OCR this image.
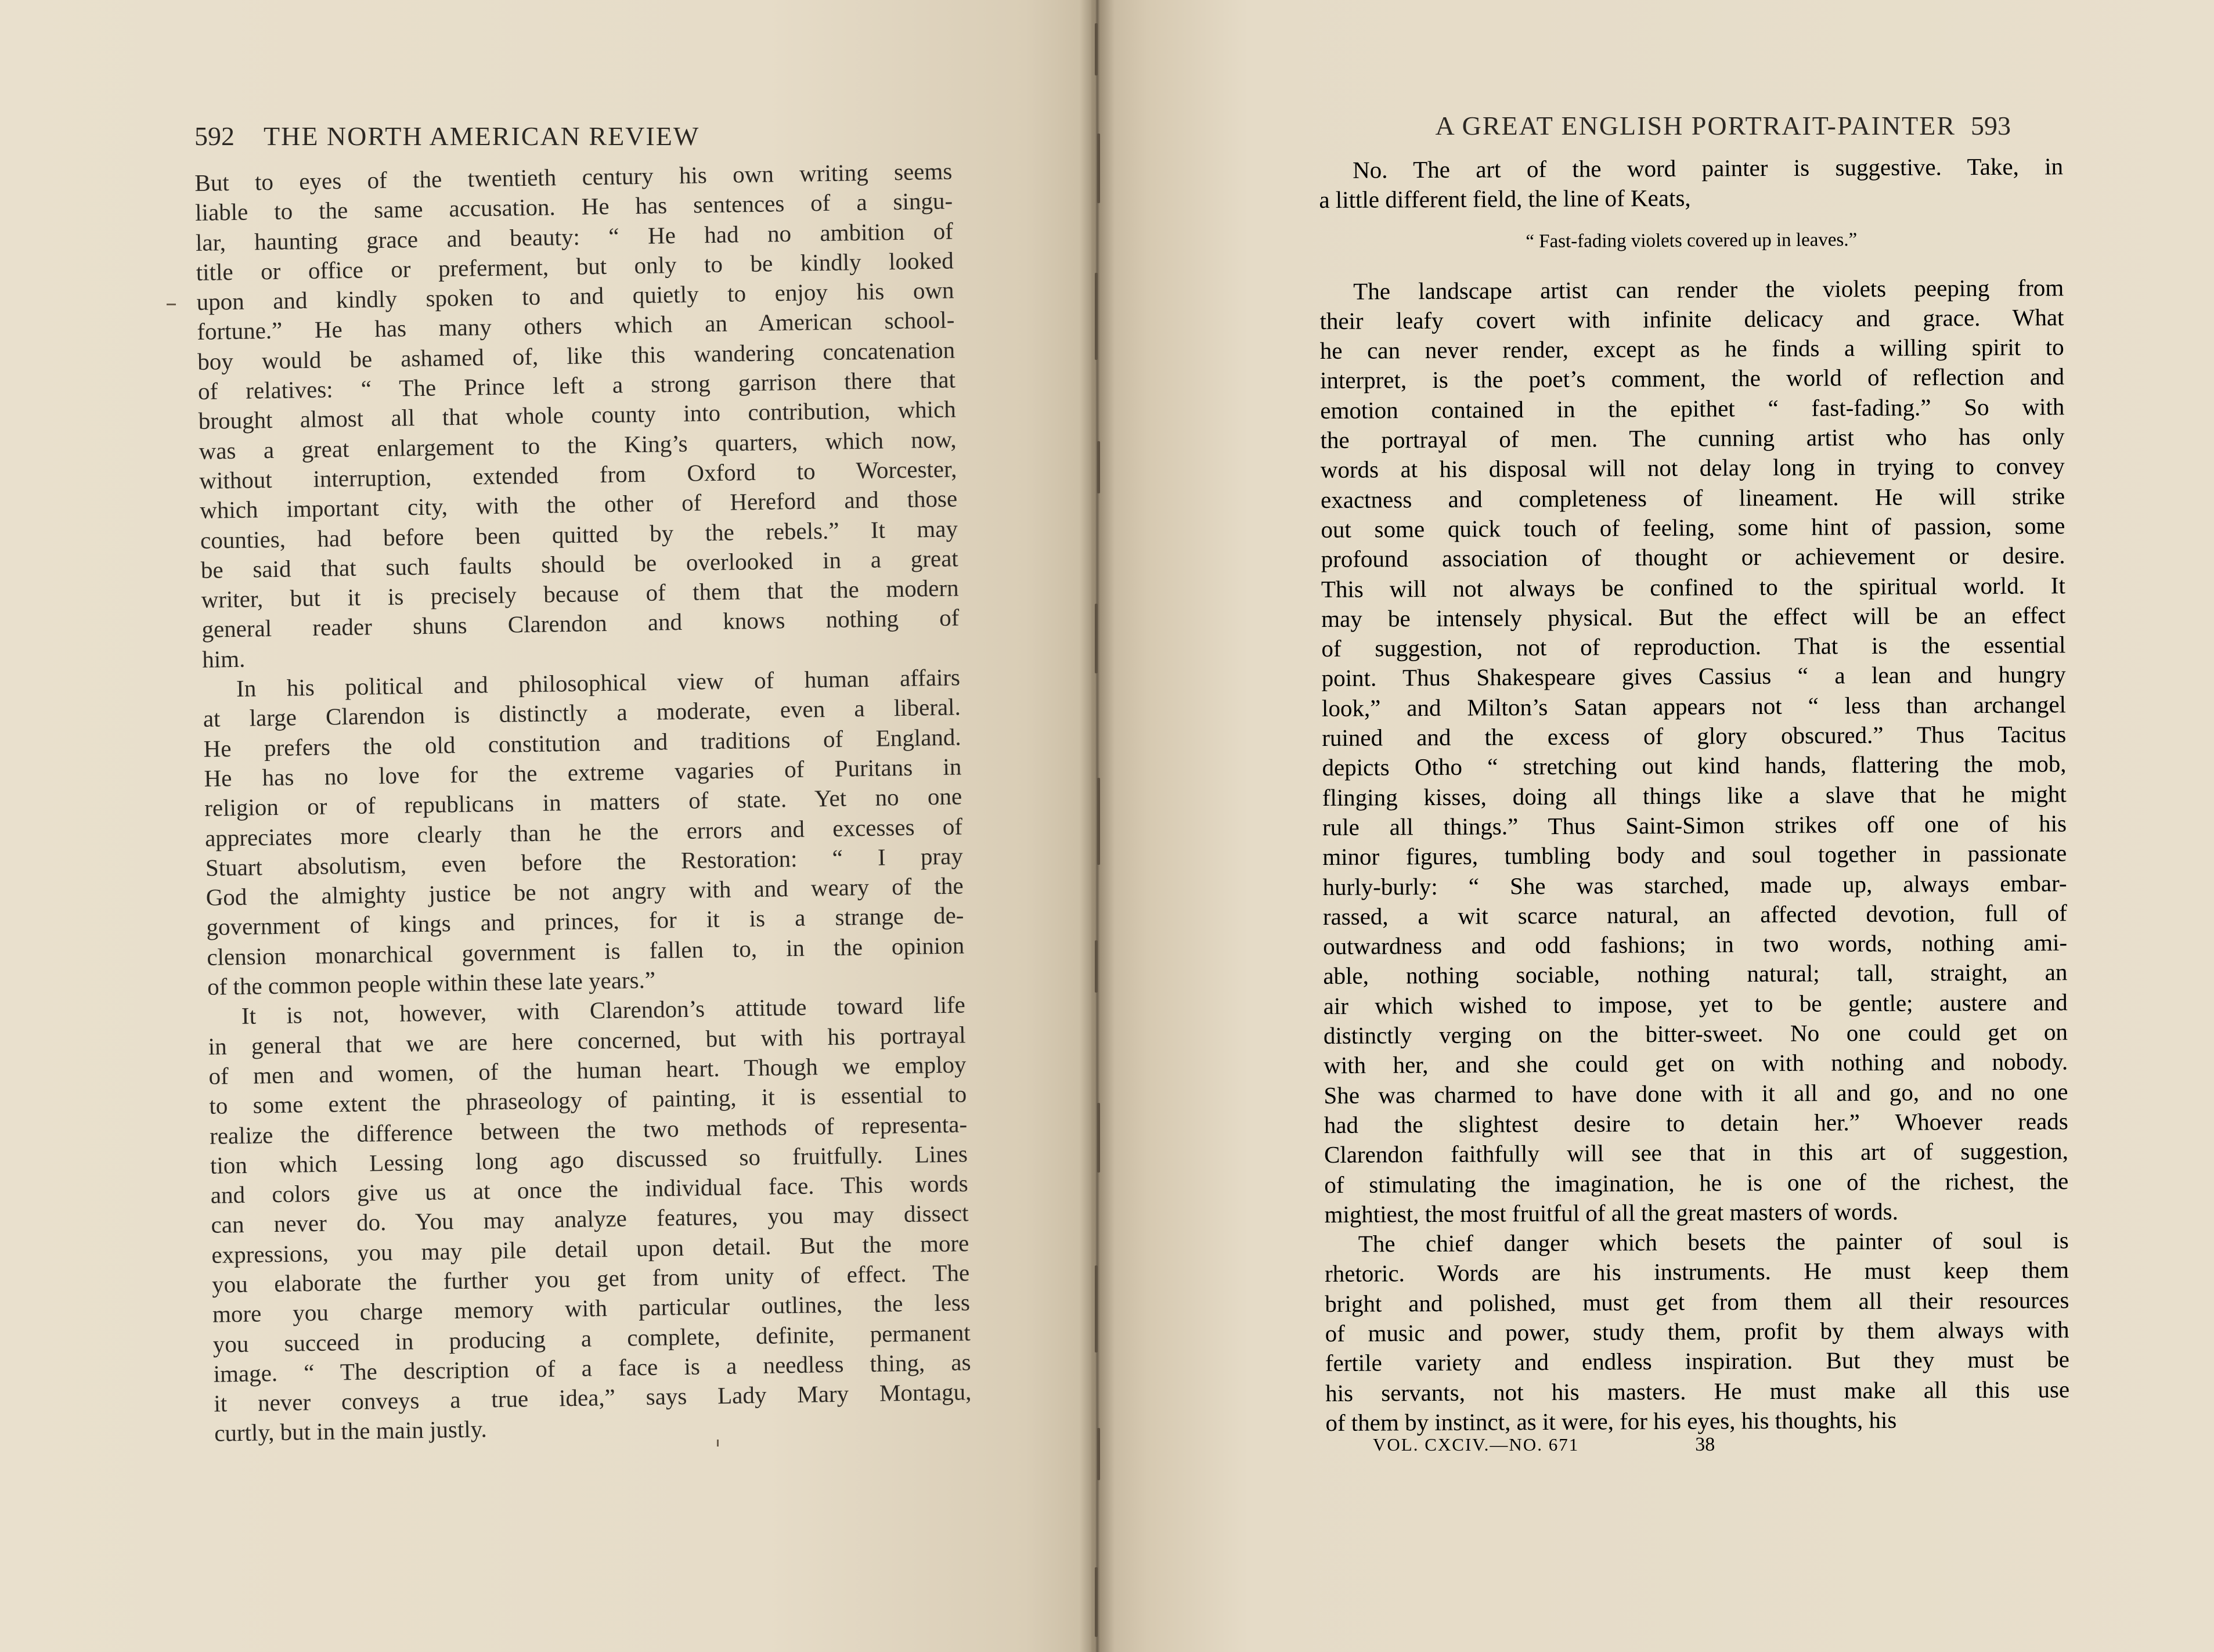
592 THE NORTH AMERICAN REVIEW
But to eyes of the twentieth century his own writing seems
liable to the same accusation. He has sentences of a singu-
lar, haunting grace and beauty: “ He had no ambition of
title or office or preferment, but only to be kindly looked
upon and kindly spoken to and quietly to enjoy his own
fortune.” He has many others which an American school-
boy would be ashamed of, like this wandering concatenation
of relatives: “ The Prince left a strong garrison there that
brought almost all that whole county into contribution, which
was a great enlargement to the King’s quarters, which now,
without interruption, extended from Oxford to Worcester,
which important city, with the other of Hereford and those
counties, had before been quitted by the rebels.” It may
be said that such faults should be overlooked in a great
writer, but it is precisely because of them that the modern
general reader shuns Clarendon and knows nothing of
him.
In his political and philosophical view of human affairs
at large Clarendon is distinctly a moderate, even a liberal.
He prefers the old constitution and traditions of England.
He has no love for the extreme vagaries of Puritans in
religion or of republicans in matters of state. Yet no one
appreciates more clearly than he the errors and excesses of
Stuart absolutism, even before the Restoration: “ I pray
God the almighty justice be not angry with and weary of the
government of kings and princes, for it is a strange de-
clension monarchical government is fallen to, in the opinion
of the common people within these late years.”
It is not, however, with Clarendon’s attitude toward life
in general that we are here concerned, but with his portrayal
of men and women, of the human heart. Though we employ
to some extent the phraseology of painting, it is essential to
realize the difference between the two methods of representa-
tion which Lessing long ago discussed so fruitfully. Lines
and colors give us at once the individual face. This words
can never do. You may analyze features, you may dissect
expressions, you may pile detail upon detail. But the more
you elaborate the further you get from unity of effect. The
more you charge memory with particular outlines, the less
you succeed in producing a complete, definite, permanent
image. “ The description of a face is a needless thing, as
it never conveys a true idea,” says Lady Mary Montagu,
curtly, but in the main justly.
A GREAT ENGLISH PORTRAIT-PAINTER 593
No. The art of the word painter is suggestive. Take, in
a little different field, the line of Keats,
“ Fast-fading violets covered up in leaves.”
The landscape artist can render the violets peeping from
their leafy covert with infinite delicacy and grace. What
he can never render, except as he finds a willing spirit to
interpret, is the poet’s comment, the world of reflection and
emotion contained in the epithet “ fast-fading.” So with
the portrayal of men. The cunning artist who has only
words at his disposal will not delay long in trying to convey
exactness and completeness of lineament. He will strike
out some quick touch of feeling, some hint of passion, some
profound association of thought or achievement or desire.
This will not always be confined to the spiritual world. It
may be intensely physical. But the effect will be an effect
of suggestion, not of reproduction. That is the essential
point. Thus Shakespeare gives Cassius “ a lean and hungry
look,” and Milton’s Satan appears not “ less than archangel
ruined and the excess of glory obscured.” Thus Tacitus
depicts Otho “ stretching out kind hands, flattering the mob,
flinging kisses, doing all things like a slave that he might
rule all things.” Thus Saint-Simon strikes off one of his
minor figures, tumbling body and soul together in passionate
hurly-burly: “ She was starched, made up, always embar-
rassed, a wit scarce natural, an affected devotion, full of
outwardness and odd fashions; in two words, nothing ami-
able, nothing sociable, nothing natural; tall, straight, an
air which wished to impose, yet to be gentle; austere and
distinctly verging on the bitter-sweet. No one could get on
with her, and she could get on with nothing and nobody.
She was charmed to have done with it all and go, and no one
had the slightest desire to detain her.” Whoever reads
Clarendon faithfully will see that in this art of suggestion,
of stimulating the imagination, he is one of the richest, the
mightiest, the most fruitful of all the great masters of words.
The chief danger which besets the painter of soul is
rhetoric. Words are his instruments. He must keep them
bright and polished, must get from them all their resources
of music and power, study them, profit by them always with
fertile variety and endless inspiration. But they must be
his servants, not his masters. He must make all this use
of them by instinct, as it were, for his eyes, his thoughts, his
VOL. CXCIV.—NO. 671	38
